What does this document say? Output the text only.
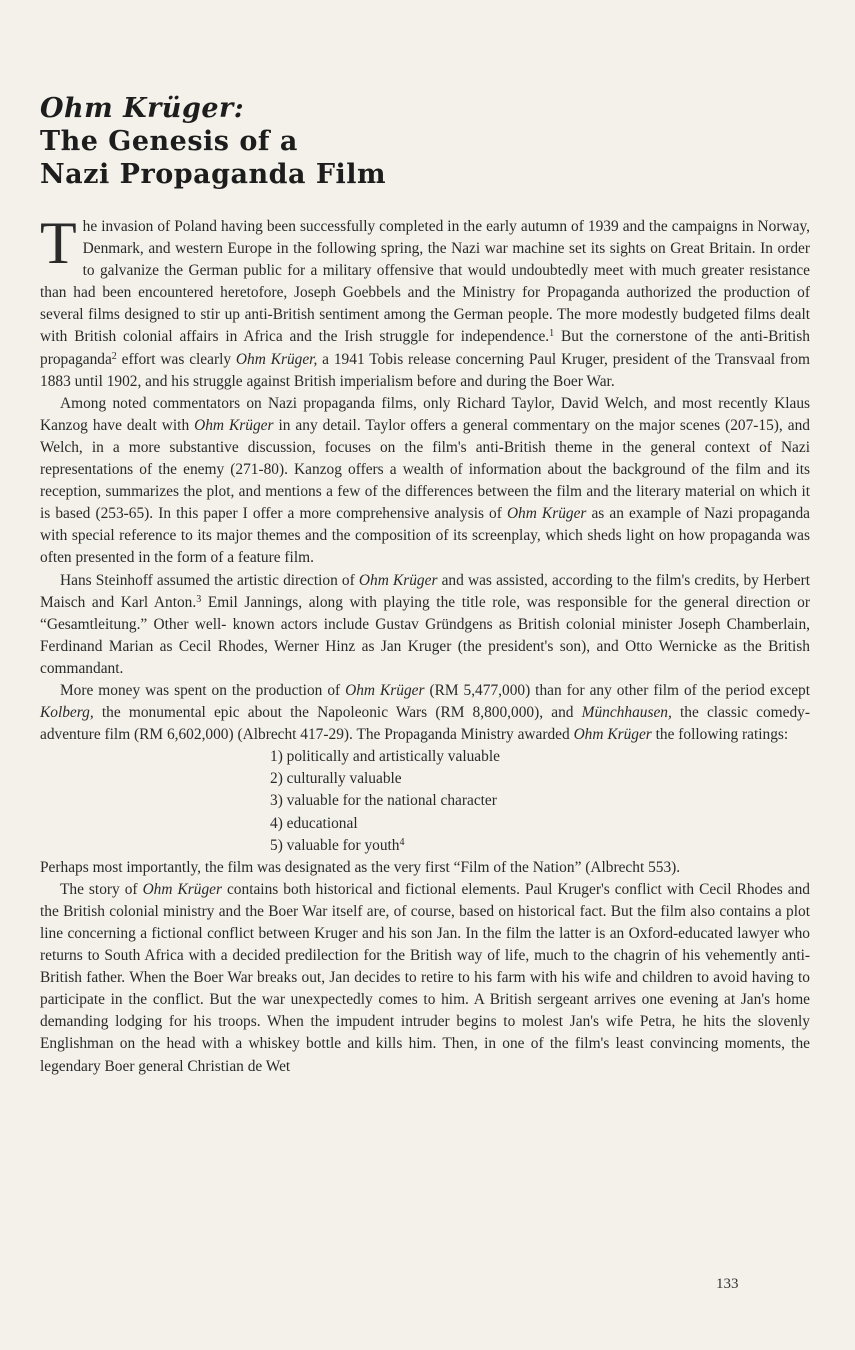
Ohm Krüger:
The Genesis of a
Nazi Propaganda Film

The invasion of Poland having been successfully completed in the early autumn of 1939 and the campaigns in Norway, Denmark, and western Europe in the following spring, the Nazi war machine set its sights on Great Britain. In order to galvanize the German public for a military offensive that would undoubtedly meet with much greater resistance than had been encountered heretofore, Joseph Goebbels and the Ministry for Propaganda authorized the production of several films designed to stir up anti-British sentiment among the German people. The more modestly budgeted films dealt with British colonial affairs in Africa and the Irish struggle for independence.$^1$ But the cornerstone of the anti-British propaganda$^2$ effort was clearly Ohm Krüger, a 1941 Tobis release concerning Paul Kruger, president of the Transvaal from 1883 until 1902, and his struggle against British imperialism before and during the Boer War.

Among noted commentators on Nazi propaganda films, only Richard Taylor, David Welch, and most recently Klaus Kanzog have dealt with Ohm Krüger in any detail. Taylor offers a general commentary on the major scenes (207-15), and Welch, in a more substantive discussion, focuses on the film's anti-British theme in the general context of Nazi representations of the enemy (271-80). Kanzog offers a wealth of information about the background of the film and its reception, summarizes the plot, and mentions a few of the differences between the film and the literary material on which it is based (253-65). In this paper I offer a more comprehensive analysis of Ohm Krüger as an example of Nazi propaganda with special reference to its major themes and the composition of its screenplay, which sheds light on how propaganda was often presented in the form of a feature film.

Hans Steinhoff assumed the artistic direction of Ohm Krüger and was assisted, according to the film's credits, by Herbert Maisch and Karl Anton.$^3$ Emil Jannings, along with playing the title role, was responsible for the general direction or “Gesamtleitung.” Other well- known actors include Gustav Gründgens as British colonial minister Joseph Chamberlain, Ferdinand Marian as Cecil Rhodes, Werner Hinz as Jan Kruger (the president's son), and Otto Wernicke as the British commandant.

More money was spent on the production of Ohm Krüger (RM 5,477,000) than for any other film of the period except Kolberg, the monumental epic about the Napoleonic Wars (RM 8,800,000), and Münchhausen, the classic comedy-adventure film (RM 6,602,000) (Albrecht 417-29). The Propaganda Ministry awarded Ohm Krüger the following ratings:

1) politically and artistically valuable
2) culturally valuable
3) valuable for the national character
4) educational
5) valuable for youth$^4$

Perhaps most importantly, the film was designated as the very first “Film of the Nation” (Albrecht 553).

The story of Ohm Krüger contains both historical and fictional elements. Paul Kruger's conflict with Cecil Rhodes and the British colonial ministry and the Boer War itself are, of course, based on historical fact. But the film also contains a plot line concerning a fictional conflict between Kruger and his son Jan. In the film the latter is an Oxford-educated lawyer who returns to South Africa with a decided predilection for the British way of life, much to the chagrin of his vehemently anti-British father. When the Boer War breaks out, Jan decides to retire to his farm with his wife and children to avoid having to participate in the conflict. But the war unexpectedly comes to him. A British sergeant arrives one evening at Jan's home demanding lodging for his troops. When the impudent intruder begins to molest Jan's wife Petra, he hits the slovenly Englishman on the head with a whiskey bottle and kills him. Then, in one of the film's least convincing moments, the legendary Boer general Christian de Wet

133
